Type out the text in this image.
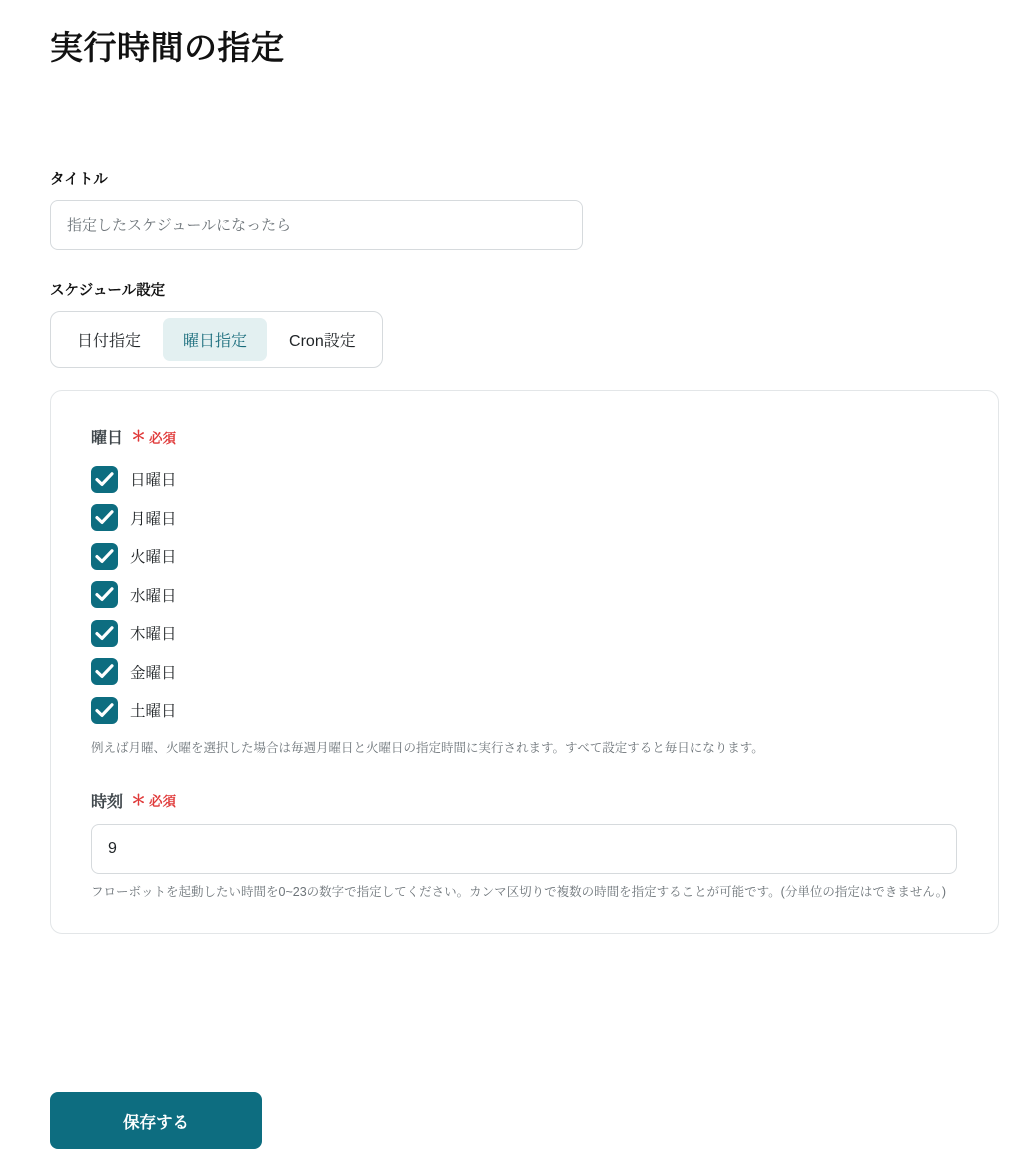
実行時間の指定
タイトル
指定したスケジュールになったら
スケジュール設定
日付指定	曜日指定	Cron設定
曜日 ＊ 必須
日曜日
月曜日
火曜日
水曜日
木曜日
金曜日
土曜日
例えば月曜、火曜を選択した場合は毎週月曜日と火曜日の指定時間に実行されます。すべて設定すると毎日になります。
時刻 ＊ 必須
9
フローボットを起動したい時間を0~23の数字で指定してください。カンマ区切りで複数の時間を指定することが可能です。(分単位の指定はできません。)
保存する
